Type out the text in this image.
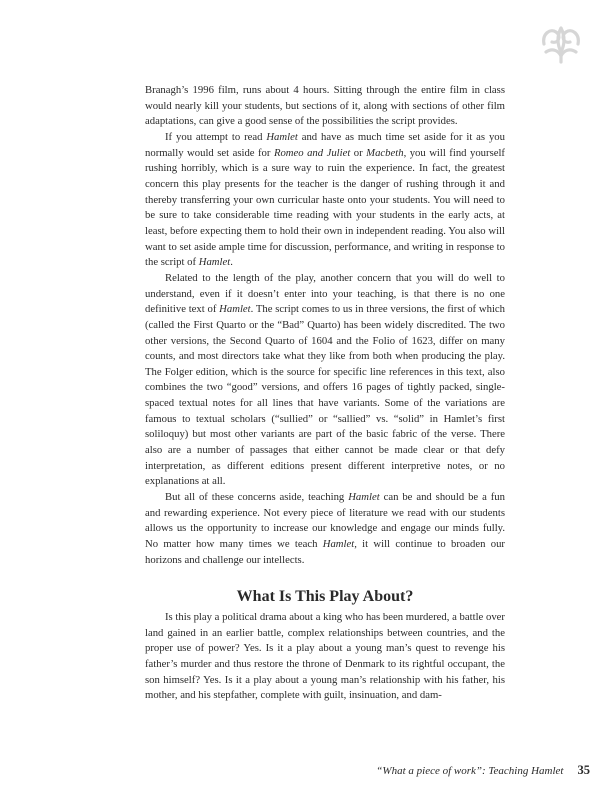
Branagh’s 1996 film, runs about 4 hours. Sitting through the entire film in class would nearly kill your students, but sections of it, along with sections of other film adaptations, can give a good sense of the possibilities the script provides.

If you attempt to read Hamlet and have as much time set aside for it as you normally would set aside for Romeo and Juliet or Macbeth, you will find yourself rushing horribly, which is a sure way to ruin the experience. In fact, the greatest concern this play presents for the teacher is the danger of rushing through it and thereby transferring your own curricular haste onto your students. You will need to be sure to take considerable time reading with your students in the early acts, at least, before expecting them to hold their own in independent reading. You also will want to set aside ample time for discussion, performance, and writing in response to the script of Hamlet.

Related to the length of the play, another concern that you will do well to understand, even if it doesn’t enter into your teaching, is that there is no one definitive text of Hamlet. The script comes to us in three versions, the first of which (called the First Quarto or the “Bad” Quarto) has been widely discredited. The two other versions, the Second Quarto of 1604 and the Folio of 1623, differ on many counts, and most directors take what they like from both when producing the play. The Folger edition, which is the source for specific line references in this text, also combines the two “good” versions, and offers 16 pages of tightly packed, single-spaced textual notes for all lines that have variants. Some of the variations are famous to textual scholars (“sullied” or “sallied” vs. “solid” in Hamlet’s first soliloquy) but most other variants are part of the basic fabric of the verse. There also are a number of passages that either cannot be made clear or that defy interpretation, as different editions present different interpretive notes, or no explanations at all.

But all of these concerns aside, teaching Hamlet can be and should be a fun and rewarding experience. Not every piece of literature we read with our students allows us the opportunity to increase our knowledge and engage our minds fully. No matter how many times we teach Hamlet, it will continue to broaden our horizons and challenge our intellects.

What Is This Play About?

Is this play a political drama about a king who has been murdered, a battle over land gained in an earlier battle, complex relationships between countries, and the proper use of power? Yes. Is it a play about a young man’s quest to revenge his father’s murder and thus restore the throne of Denmark to its rightful occupant, the son himself? Yes. Is it a play about a young man’s relationship with his father, his mother, and his stepfather, complete with guilt, insinuation, and dam-

“What a piece of work”: Teaching Hamlet 35
